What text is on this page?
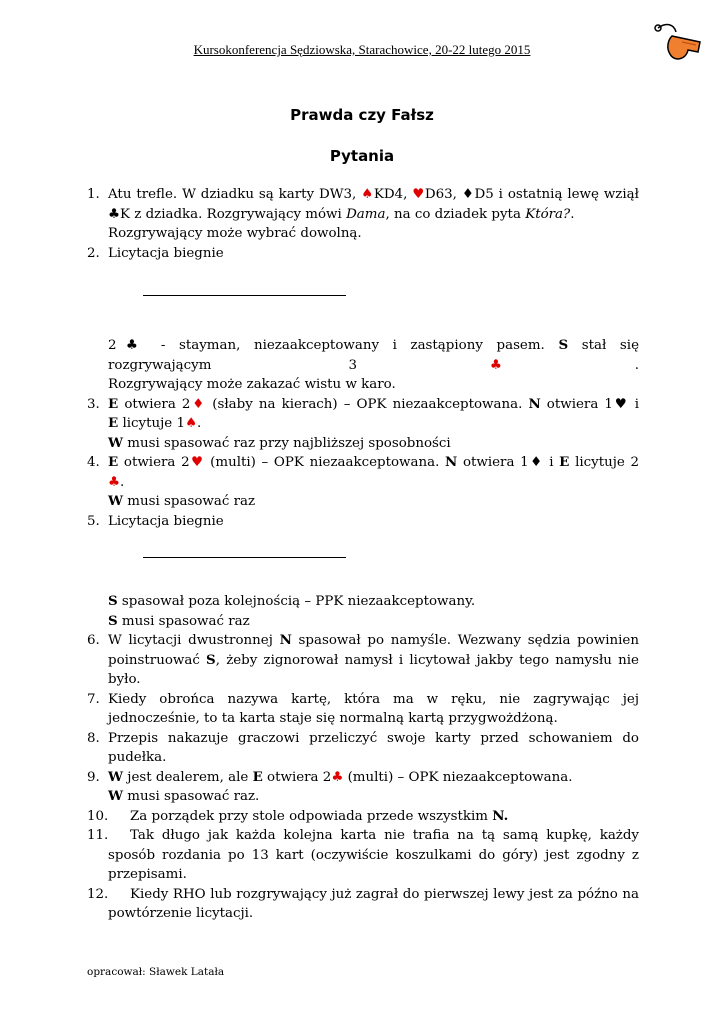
Kursokonferencja Sędziowska, Starachowice, 20-22 lutego 2015
Prawda czy Fałsz
Pytania
1. Atu trefle. W dziadku są karty DW3, ♠KD4, ♥D63, ♦D5 i ostatnią lewę wziął
♣K z dziadka. Rozgrywający mówi Dama, na co dziadek pyta Która?. Rozgrywający może wybrać dowolną.
2. Licytacja biegnie
2♣ - stayman, niezaakceptowany i zastąpiony pasem. S stał się rozgrywającym 3♣.
Rozgrywający może zakazać wistu w karo.
3. E otwiera 2♦ (słaby na kierach) – OPK niezaakceptowana. N otwiera 1♥ i
E licytuje 1♠.
W musi spasować raz przy najbliższej sposobności
4. E otwiera 2♥ (multi) – OPK niezaakceptowana. N otwiera 1♦ i E licytuje 2
♣.
W musi spasować raz
5. Licytacja biegnie
S spasował poza kolejnością – PPK niezaakceptowany.
S musi spasować raz
6. W licytacji dwustronnej N spasował po namyśle. Wezwany sędzia powinien poinstruować S, żeby zignorował namysł i licytował jakby tego namysłu nie było.
7. Kiedy obrońca nazywa kartę, która ma w ręku, nie zagrywając jej jednocześnie, to ta karta staje się normalną kartą przygwożdżoną.
8. Przepis nakazuje graczowi przeliczyć swoje karty przed schowaniem do pudełka.
9. W jest dealerem, ale E otwiera 2♣ (multi) – OPK niezaakceptowana.
W musi spasować raz.
10.	Za porządek przy stole odpowiada przede wszystkim N.
11.	Tak długo jak każda kolejna karta nie trafia na tą samą kupkę, każdy sposób rozdania po 13 kart (oczywiście koszulkami do góry) jest zgodny z przepisami.
12.	Kiedy RHO lub rozgrywający już zagrał do pierwszej lewy jest za późno na powtórzenie licytacji.
opracował: Sławek Latała
